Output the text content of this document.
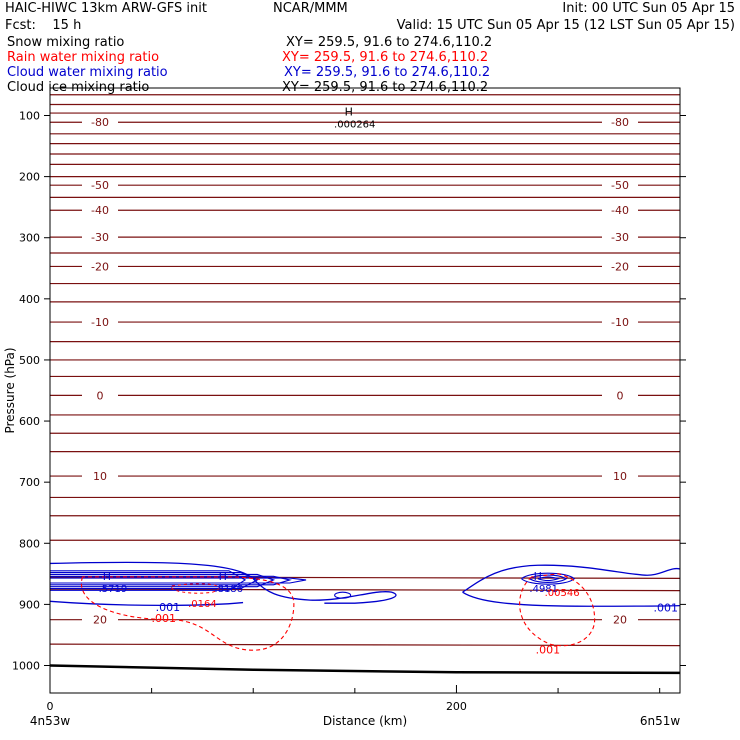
HAIC-HIWC 13km ARW-GFS init	NCAR/MMM	Init: 00 UTC Sun 05 Apr 15
Fcst:    15 h	Valid: 15 UTC Sun 05 Apr 15 (12 LST Sun 05 Apr 15)
Snow mixing ratio	XY= 259.5, 91.6 to 274.6,110.2
Rain water mixing ratio	XY= 259.5, 91.6 to 274.6,110.2
Cloud water mixing ratio	XY= 259.5, 91.6 to 274.6,110.2
Cloud ice mixing ratio	XY= 259.5, 91.6 to 274.6,110.2
-80	-80
-50	-50
-40	-40
-30	-30
-20	-20
-10	-10
0	0
10	10
20	20
100
200
300
400
500
600
700
800
900
1000
0	200
Distance (km)
4n53w	6n51w
Pressure (hPa)
H
.000264
H
.5719
H
.8186
H
.4981
.0164
.00546
.001	.001
.001
.001
